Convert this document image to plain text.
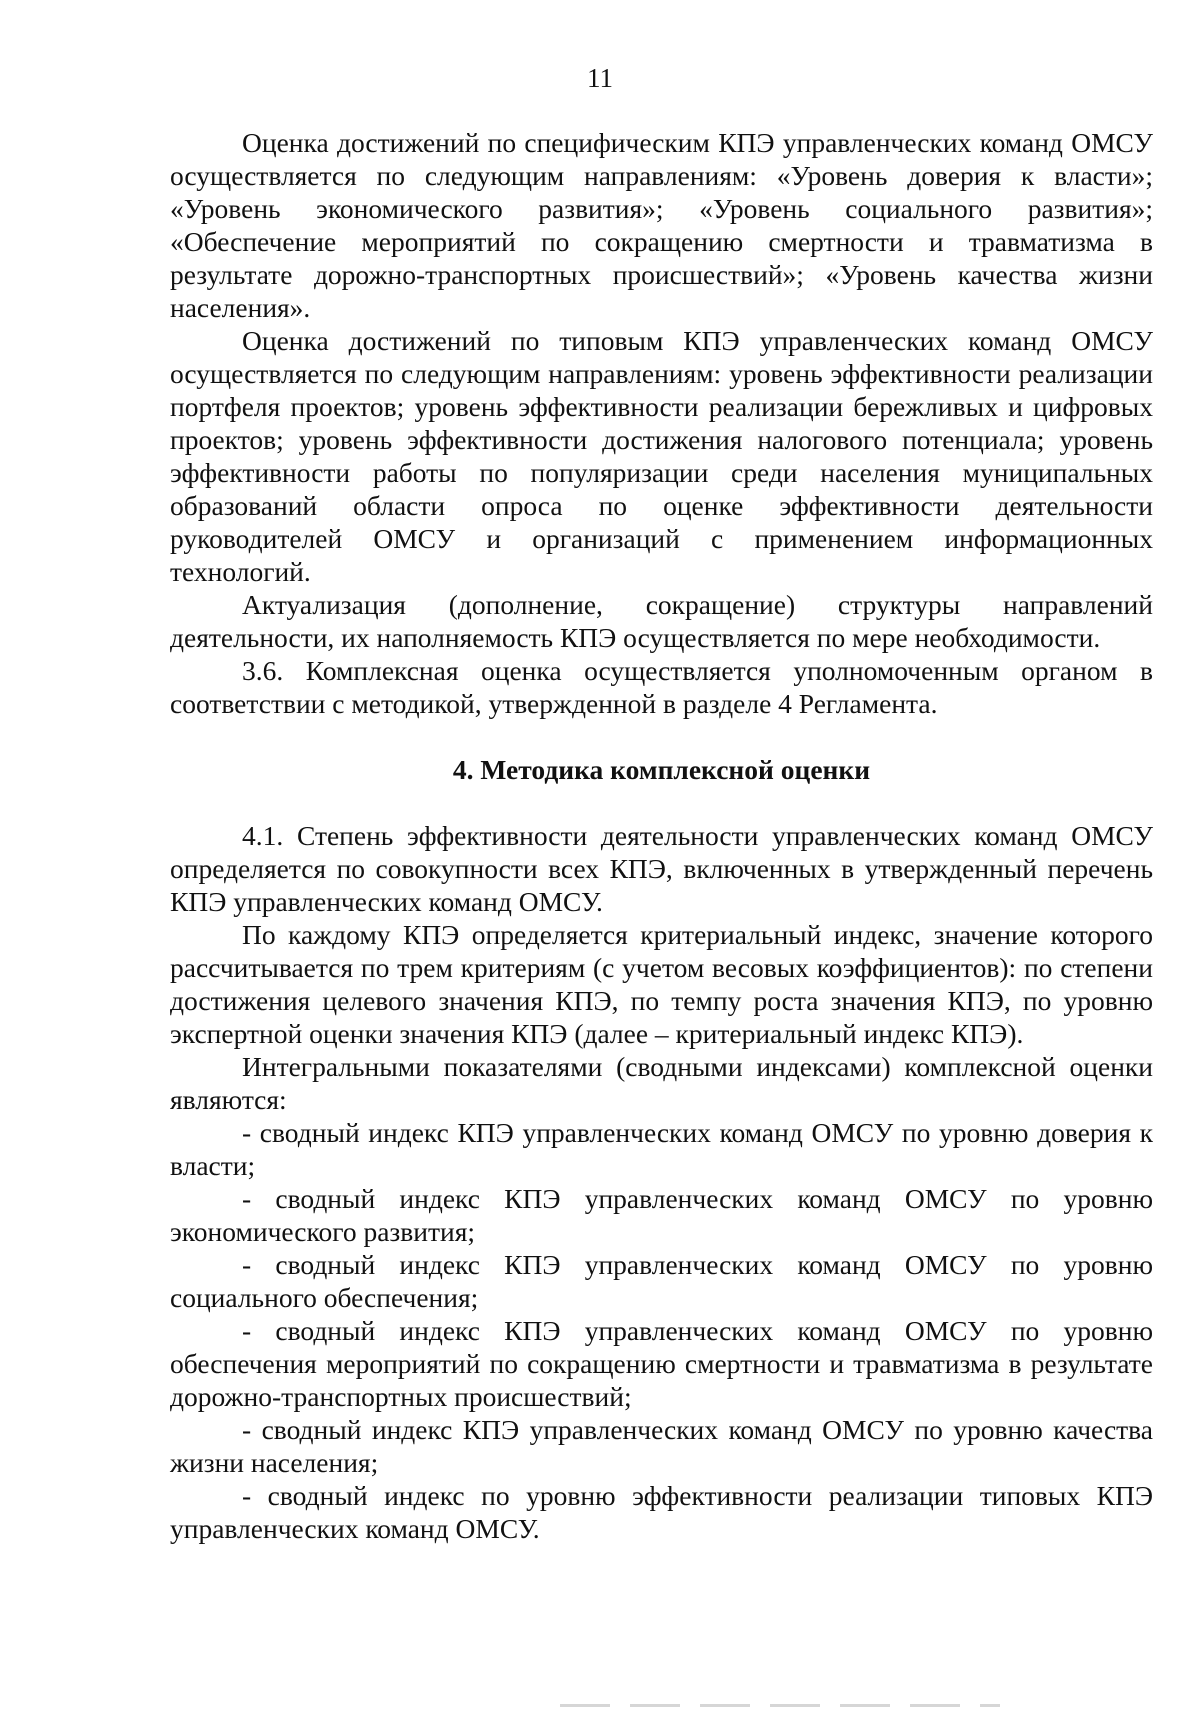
11

Оценка достижений по специфическим КПЭ управленческих команд ОМСУ осуществляется по следующим направлениям: «Уровень доверия к власти»; «Уровень экономического развития»; «Уровень социального развития»; «Обеспечение мероприятий по сокращению смертности и травматизма в результате дорожно-транспортных происшествий»; «Уровень качества жизни населения».

Оценка достижений по типовым КПЭ управленческих команд ОМСУ осуществляется по следующим направлениям: уровень эффективности реализации портфеля проектов; уровень эффективности реализации бережливых и цифровых проектов; уровень эффективности достижения налогового потенциала; уровень эффективности работы по популяризации среди населения муниципальных образований области опроса по оценке эффективности деятельности руководителей ОМСУ и организаций с применением информационных технологий.

Актуализация (дополнение, сокращение) структуры направлений деятельности, их наполняемость КПЭ осуществляется по мере необходимости.

3.6. Комплексная оценка осуществляется уполномоченным органом в соответствии с методикой, утвержденной в разделе 4 Регламента.

4. Методика комплексной оценки

4.1. Степень эффективности деятельности управленческих команд ОМСУ определяется по совокупности всех КПЭ, включенных в утвержденный перечень КПЭ управленческих команд ОМСУ.

По каждому КПЭ определяется критериальный индекс, значение которого рассчитывается по трем критериям (с учетом весовых коэффициентов): по степени достижения целевого значения КПЭ, по темпу роста значения КПЭ, по уровню экспертной оценки значения КПЭ (далее – критериальный индекс КПЭ).

Интегральными показателями (сводными индексами) комплексной оценки являются:

- сводный индекс КПЭ управленческих команд ОМСУ по уровню доверия к власти;

- сводный индекс КПЭ управленческих команд ОМСУ по уровню экономического развития;

- сводный индекс КПЭ управленческих команд ОМСУ по уровню социального обеспечения;

- сводный индекс КПЭ управленческих команд ОМСУ по уровню обеспечения мероприятий по сокращению смертности и травматизма в результате дорожно-транспортных происшествий;

- сводный индекс КПЭ управленческих команд ОМСУ по уровню качества жизни населения;

- сводный индекс по уровню эффективности реализации типовых КПЭ управленческих команд ОМСУ.
